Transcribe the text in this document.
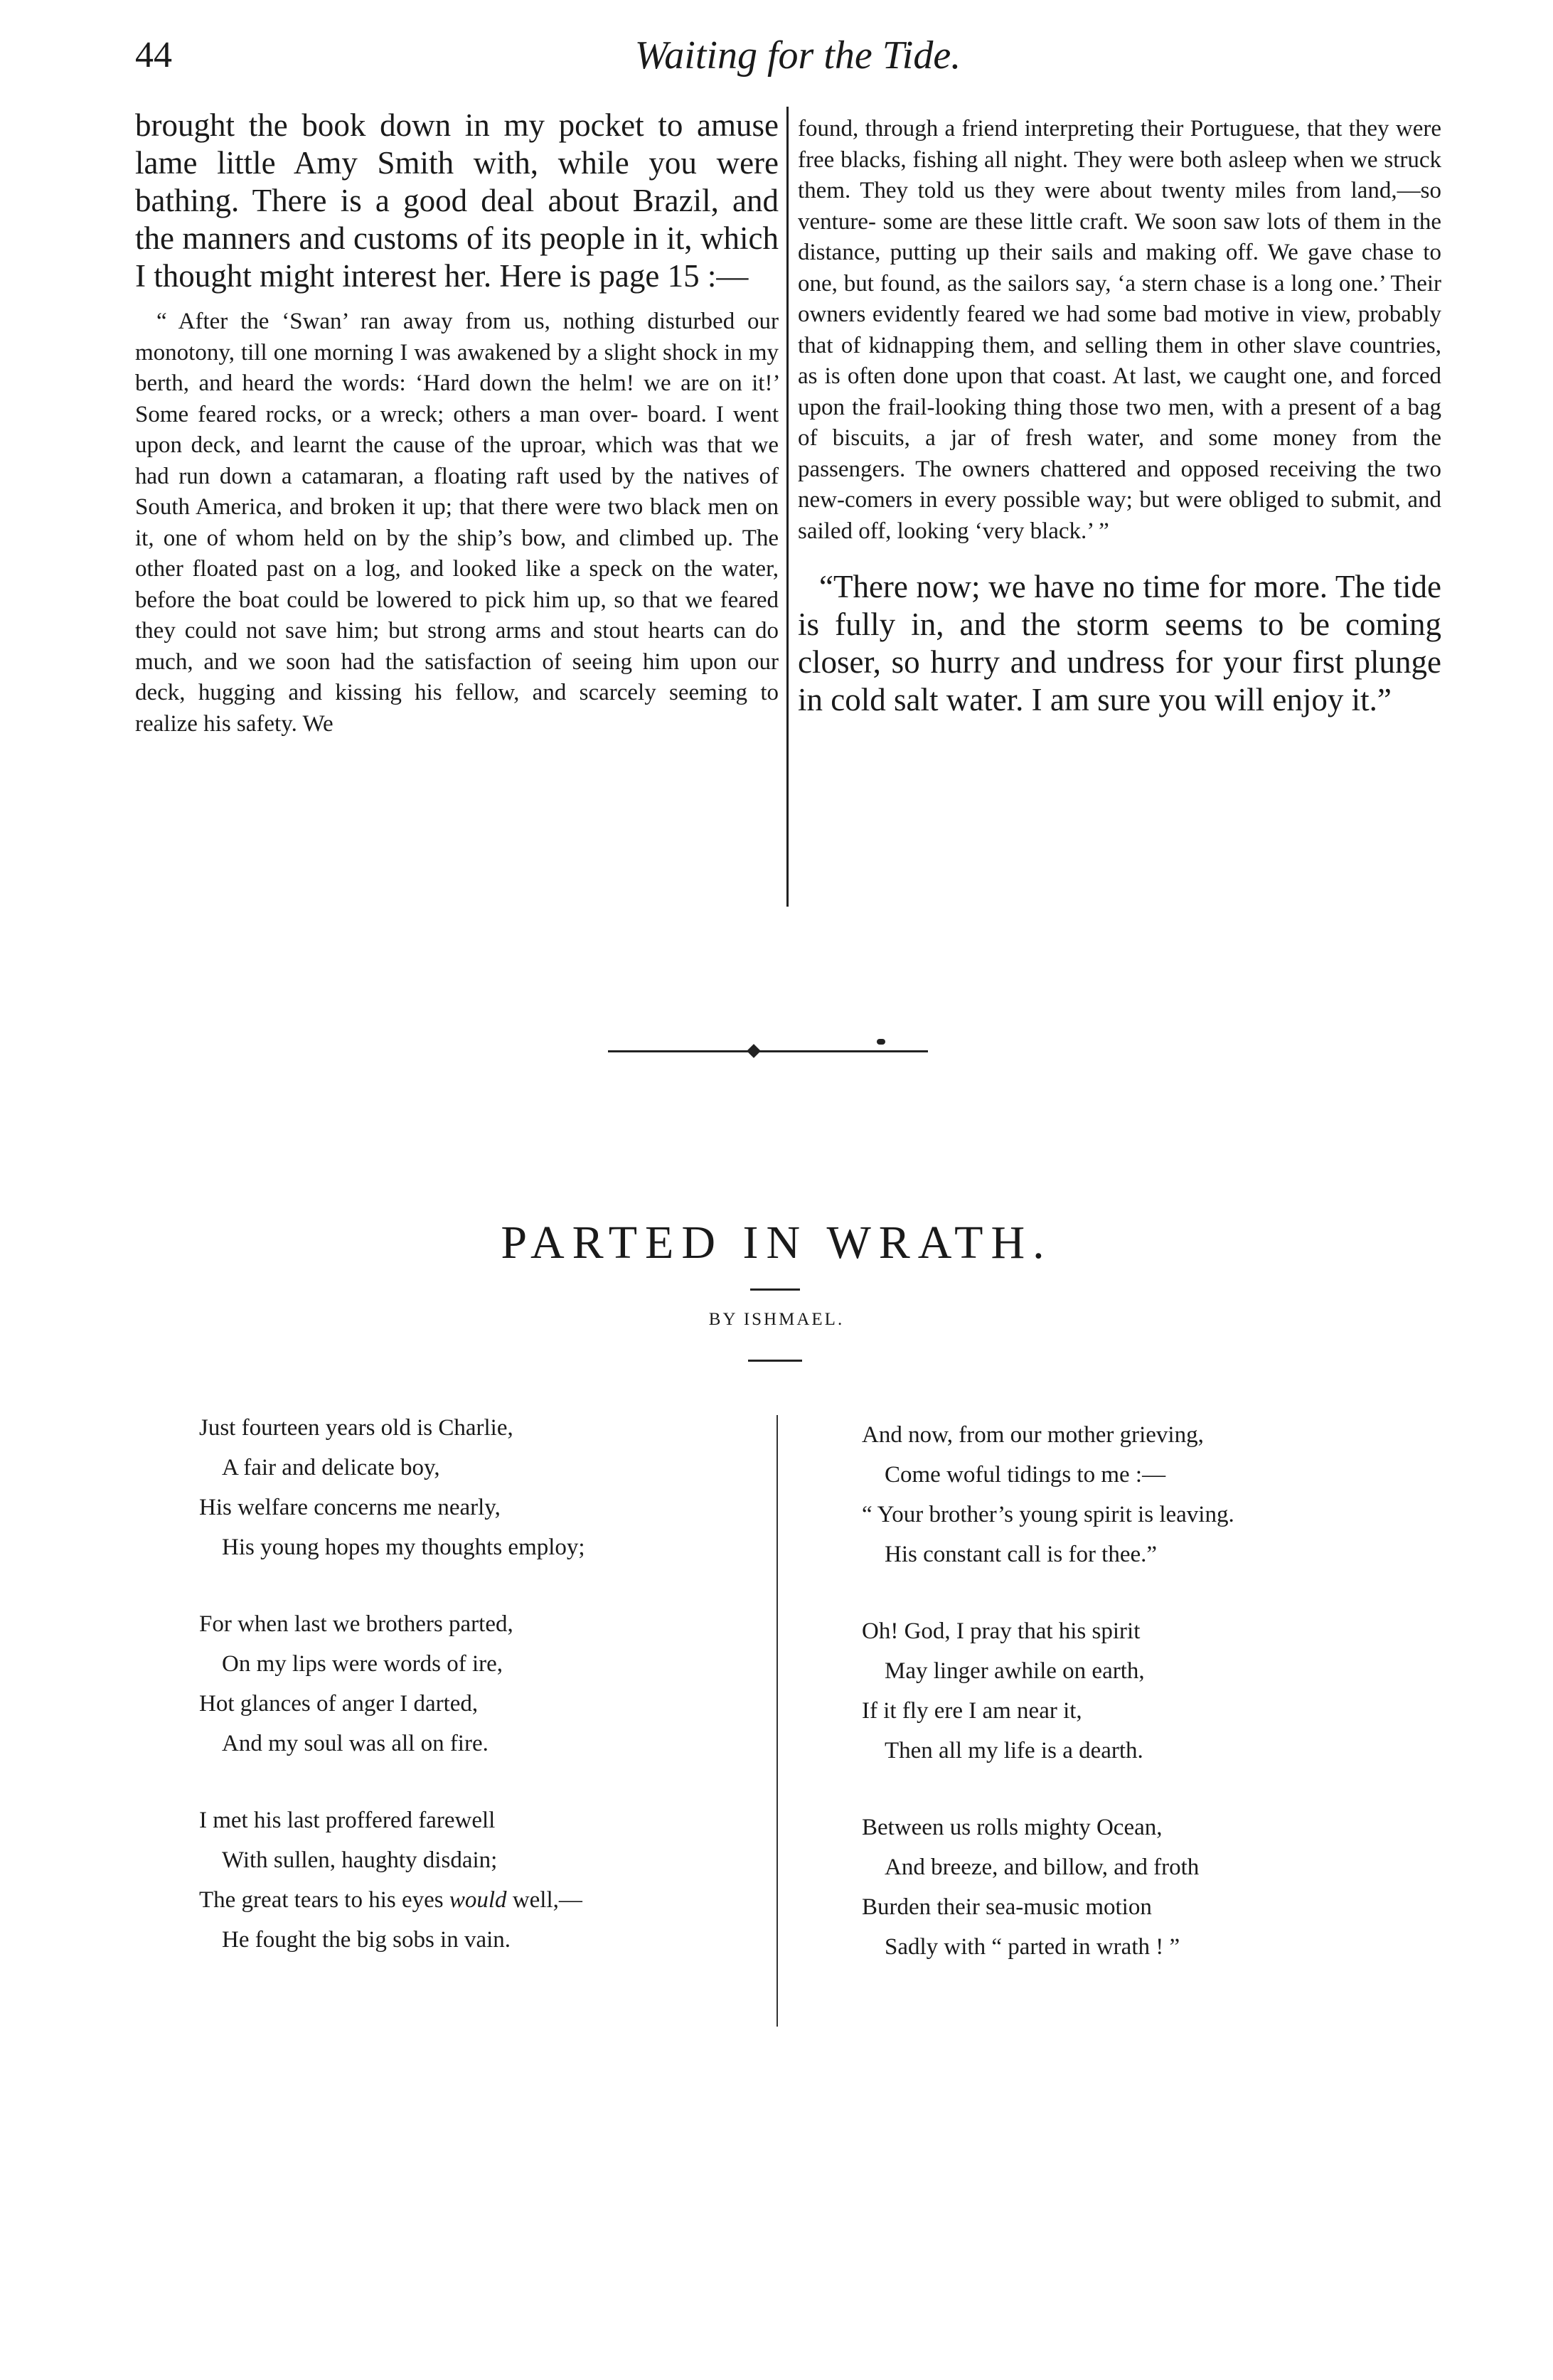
44	Waiting for the Tide.

brought the book down in my pocket to amuse lame little Amy Smith with, while you were bathing. There is a good deal about Brazil, and the manners and customs of its people in it, which I thought might interest her. Here is page 15 :—

“ After the ‘Swan’ ran away from us, nothing disturbed our monotony, till one morning I was awakened by a slight shock in my berth, and heard the words: ‘Hard down the helm! we are on it!’ Some feared rocks, or a wreck; others a man over- board. I went upon deck, and learnt the cause of the uproar, which was that we had run down a catamaran, a floating raft used by the natives of South America, and broken it up; that there were two black men on it, one of whom held on by the ship’s bow, and climbed up. The other floated past on a log, and looked like a speck on the water, before the boat could be lowered to pick him up, so that we feared they could not save him; but strong arms and stout hearts can do much, and we soon had the satisfaction of seeing him upon our deck, hugging and kissing his fellow, and scarcely seeming to realize his safety. We

found, through a friend interpreting their Portuguese, that they were free blacks, fishing all night. They were both asleep when we struck them. They told us they were about twenty miles from land,—so venture- some are these little craft. We soon saw lots of them in the distance, putting up their sails and making off. We gave chase to one, but found, as the sailors say, ‘a stern chase is a long one.’ Their owners evidently feared we had some bad motive in view, probably that of kidnapping them, and selling them in other slave countries, as is often done upon that coast. At last, we caught one, and forced upon the frail-looking thing those two men, with a present of a bag of biscuits, a jar of fresh water, and some money from the passengers. The owners chattered and opposed receiving the two new-comers in every possible way; but were obliged to submit, and sailed off, looking ‘very black.’ ”

“There now; we have no time for more. The tide is fully in, and the storm seems to be coming closer, so hurry and undress for your first plunge in cold salt water. I am sure you will enjoy it.”

PARTED IN WRATH.
BY ISHMAEL.
Just fourteen years old is Charlie,
A fair and delicate boy,
His welfare concerns me nearly,
His young hopes my thoughts employ;
For when last we brothers parted,
On my lips were words of ire,
Hot glances of anger I darted,
And my soul was all on fire.
I met his last proffered farewell
With sullen, haughty disdain;
The great tears to his eyes would well,—
He fought the big sobs in vain.
And now, from our mother grieving,
Come woful tidings to me :—
“ Your brother’s young spirit is leaving.
His constant call is for thee.”
Oh! God, I pray that his spirit
May linger awhile on earth,
If it fly ere I am near it,
Then all my life is a dearth.
Between us rolls mighty Ocean,
And breeze, and billow, and froth
Burden their sea-music motion
Sadly with “ parted in wrath ! ”
